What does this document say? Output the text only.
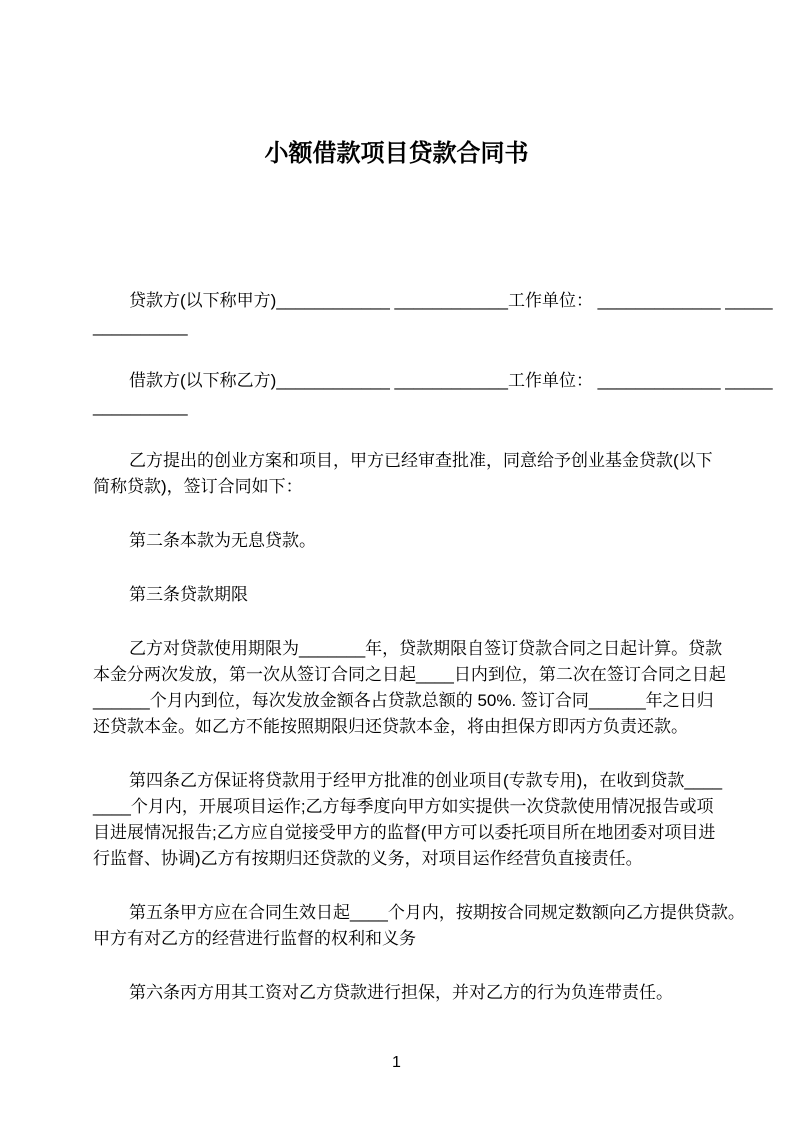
小额借款项目贷款合同书
贷款方(以下称甲方)____________ ____________工作单位： _____________ _____
__________
借款方(以下称乙方)____________ ____________工作单位： _____________ _____
__________
乙方提出的创业方案和项目，甲方已经审查批准，同意给予创业基金贷款(以下
简称贷款)，签订合同如下：
第二条本款为无息贷款。
第三条贷款期限
乙方对贷款使用期限为_______年，贷款期限自签订贷款合同之日起计算。贷款
本金分两次发放，第一次从签订合同之日起____日内到位，第二次在签订合同之日起
______个月内到位，每次发放金额各占贷款总额的 50%. 签订合同______年之日归
还贷款本金。如乙方不能按照期限归还贷款本金，将由担保方即丙方负责还款。
第四条乙方保证将贷款用于经甲方批准的创业项目(专款专用)，在收到贷款____
____个月内，开展项目运作;乙方每季度向甲方如实提供一次贷款使用情况报告或项
目进展情况报告;乙方应自觉接受甲方的监督(甲方可以委托项目所在地团委对项目进
行监督、协调)乙方有按期归还贷款的义务，对项目运作经营负直接责任。
第五条甲方应在合同生效日起____个月内，按期按合同规定数额向乙方提供贷款。
甲方有对乙方的经营进行监督的权利和义务
第六条丙方用其工资对乙方贷款进行担保，并对乙方的行为负连带责任。
1
